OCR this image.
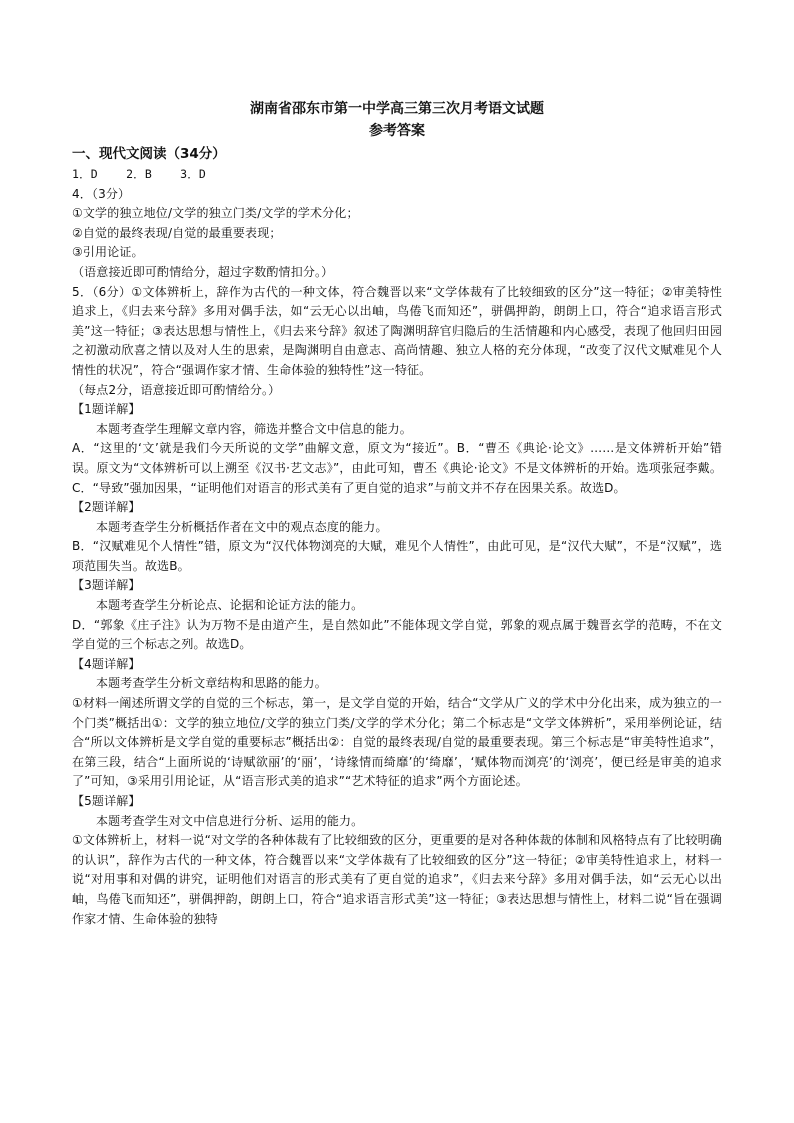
湖南省邵东市第一中学高三第三次月考语文试题
参考答案
一、现代文阅读（34分）

1．D    2．B    3．D

4．（3分）

①文学的独立地位/文学的独立门类/文学的学术分化；

②自觉的最终表现/自觉的最重要表现；

③引用论证。

（语意接近即可酌情给分，超过字数酌情扣分。）

5．（6分）①文体辨析上，辞作为古代的一种文体，符合魏晋以来“文学体裁有了比较细致的区分”这一特征；②审美特性追求上，《归去来兮辞》多用对偶手法，如“云无心以出岫，鸟倦飞而知还”，骈偶押韵，朗朗上口，符合“追求语言形式美”这一特征；③表达思想与情性上，《归去来兮辞》叙述了陶渊明辞官归隐后的生活情趣和内心感受，表现了他回归田园之初激动欣喜之情以及对人生的思索，是陶渊明自由意志、高尚情趣、独立人格的充分体现，“改变了汉代文赋难见个人情性的状况”，符合“强调作家才情、生命体验的独特性”这一特征。

（每点2分，语意接近即可酌情给分。）

【1题详解】

本题考查学生理解文章内容，筛选并整合文中信息的能力。

A．“这里的‘文’就是我们今天所说的文学”曲解文意，原文为“接近”。B．“曹丕《典论·论文》……是文体辨析开始”错误。原文为“文体辨析可以上溯至《汉书·艺文志》”，由此可知，曹丕《典论·论文》不是文体辨析的开始。选项张冠李戴。C．“导致”强加因果，“证明他们对语言的形式美有了更自觉的追求”与前文并不存在因果关系。故选D。

【2题详解】

本题考查学生分析概括作者在文中的观点态度的能力。

B．“汉赋难见个人情性”错，原文为“汉代体物浏亮的大赋，难见个人情性”，由此可见，是“汉代大赋”，不是“汉赋”，选项范围失当。故选B。

【3题详解】

本题考查学生分析论点、论据和论证方法的能力。

D．“郭象《庄子注》认为万物不是由道产生，是自然如此”不能体现文学自觉，郭象的观点属于魏晋玄学的范畴，不在文学自觉的三个标志之列。故选D。

【4题详解】

本题考查学生分析文章结构和思路的能力。

①材料一阐述所谓文学的自觉的三个标志，第一，是文学自觉的开始，结合“文学从广义的学术中分化出来，成为独立的一个门类”概括出①：文学的独立地位/文学的独立门类/文学的学术分化；第二个标志是“文学文体辨析”，采用举例论证，结合“所以文体辨析是文学自觉的重要标志”概括出②：自觉的最终表现/自觉的最重要表现。第三个标志是“审美特性追求”，在第三段，结合“上面所说的‘诗赋欲丽’的‘丽’，‘诗缘情而绮靡’的‘绮靡’，‘赋体物而浏亮’的‘浏亮’，便已经是审美的追求了”可知，③采用引用论证，从“语言形式美的追求”“艺术特征的追求”两个方面论述。

【5题详解】

本题考查学生对文中信息进行分析、运用的能力。

①文体辨析上，材料一说“对文学的各种体裁有了比较细致的区分，更重要的是对各种体裁的体制和风格特点有了比较明确的认识”，辞作为古代的一种文体，符合魏晋以来“文学体裁有了比较细致的区分”这一特征；②审美特性追求上，材料一说“对用事和对偶的讲究，证明他们对语言的形式美有了更自觉的追求”，《归去来兮辞》多用对偶手法，如“云无心以出岫，鸟倦飞而知还”，骈偶押韵，朗朗上口，符合“追求语言形式美”这一特征；③表达思想与情性上，材料二说“旨在强调作家才情、生命体验的独特
